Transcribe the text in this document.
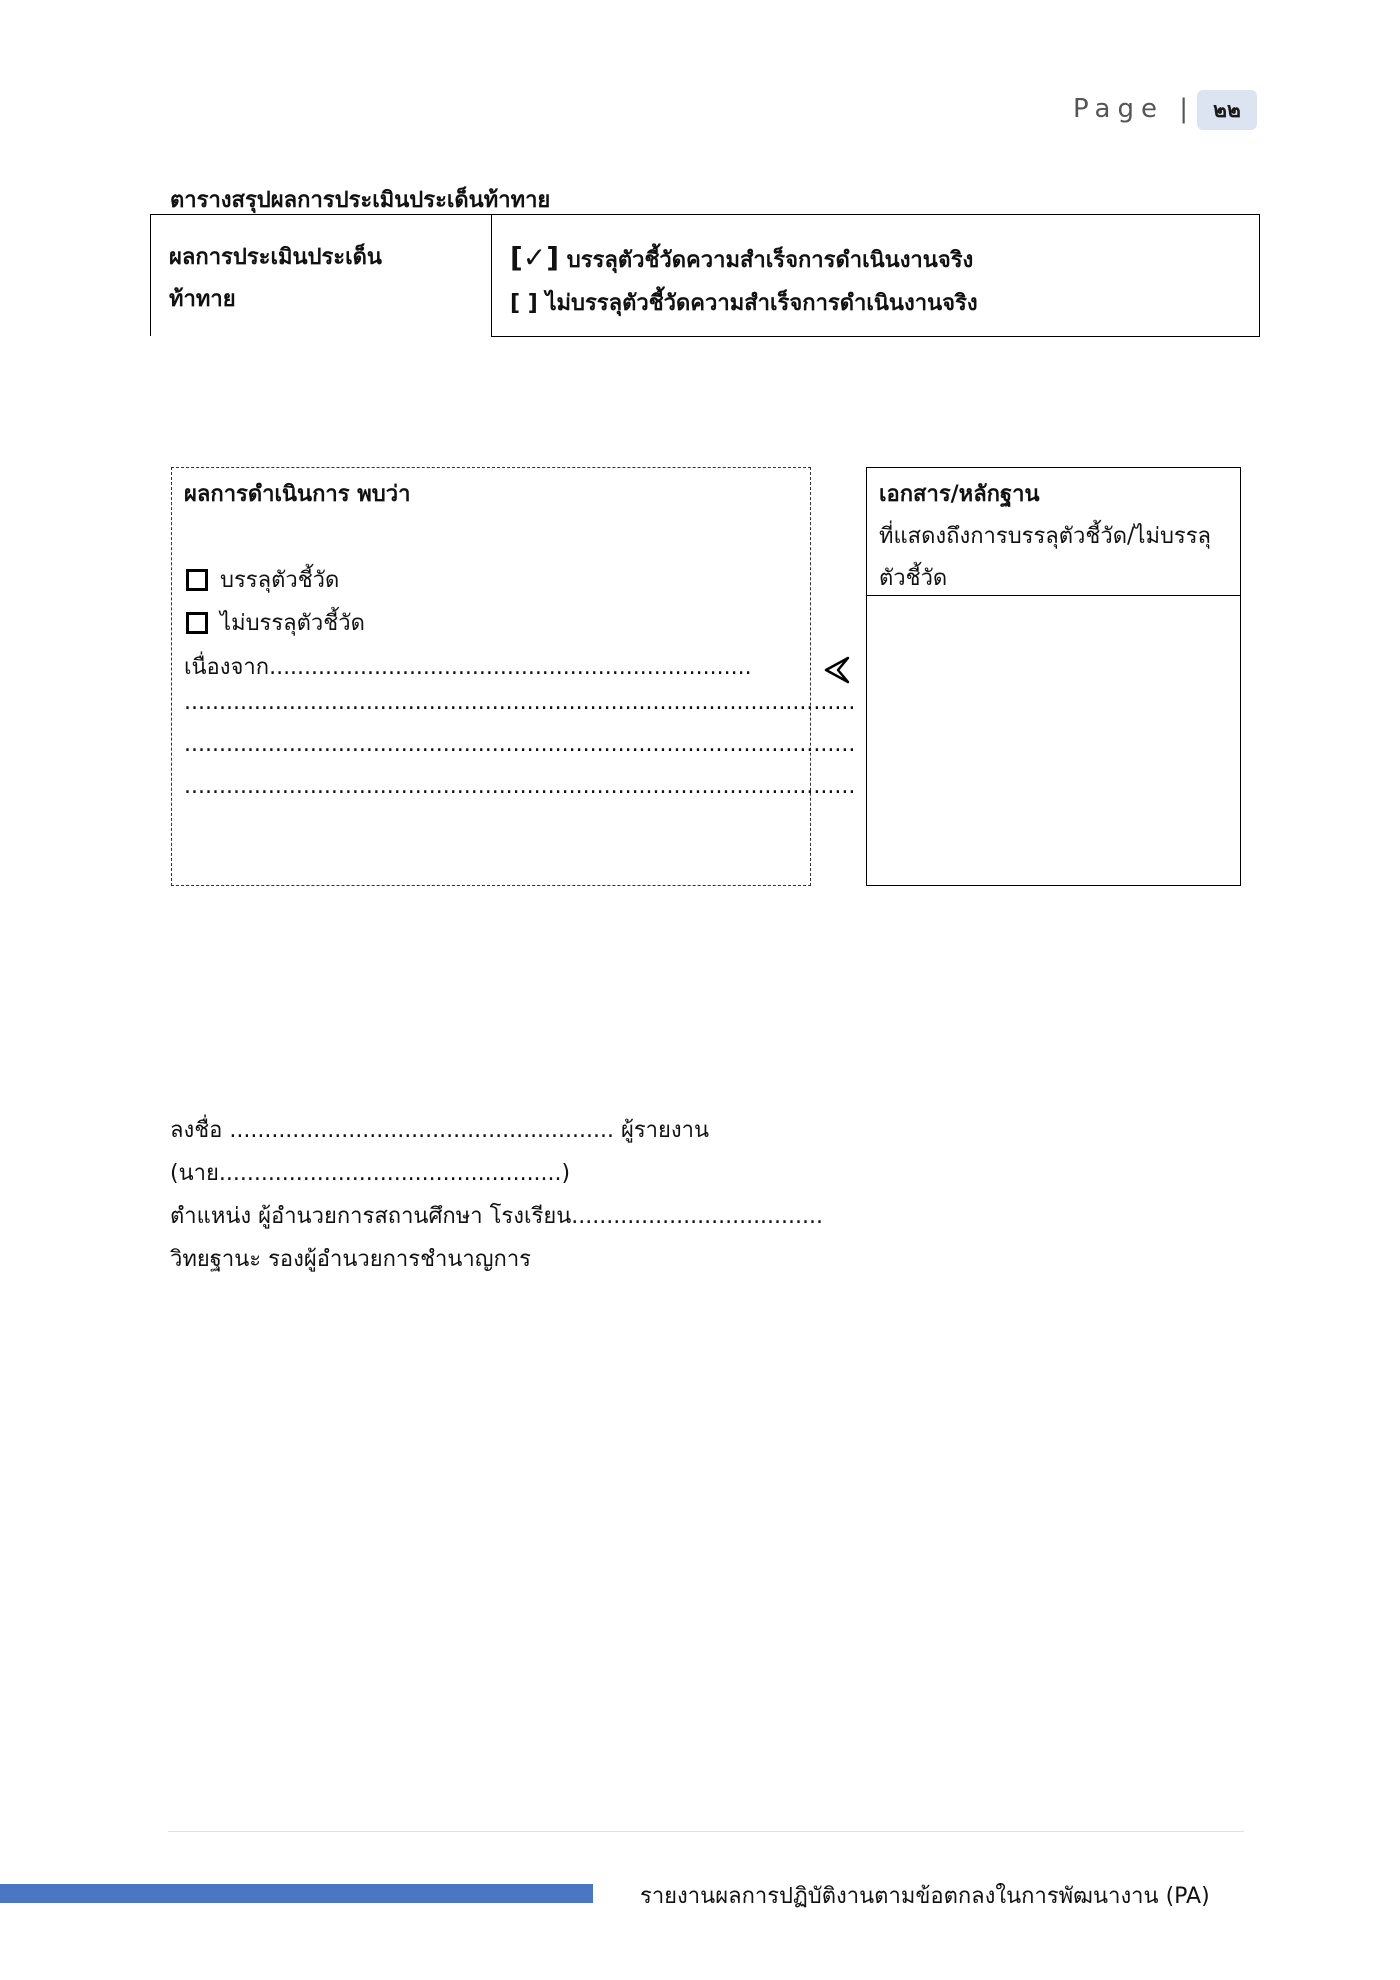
Page | ๒๒
ตารางสรุปผลการประเมินประเด็นท้าทาย
ผลการประเมินประเด็น
ท้าทาย
[✓] บรรลุตัวชี้วัดความสำเร็จการดำเนินงานจริง
[ ] ไม่บรรลุตัวชี้วัดความสำเร็จการดำเนินงานจริง
ผลการดำเนินการ พบว่า
บรรลุตัวชี้วัด
ไม่บรรลุตัวชี้วัด
เนื่องจาก.....................................................................
................................................................................................
................................................................................................
................................................................................................
เอกสาร/หลักฐาน
ที่แสดงถึงการบรรลุตัวชี้วัด/ไม่บรรลุตัวชี้วัด
ลงชื่อ ....................................................... ผู้รายงาน
(นาย.................................................)
ตำแหน่ง ผู้อำนวยการสถานศึกษา โรงเรียน....................................
วิทยฐานะ รองผู้อำนวยการชำนาญการ
รายงานผลการปฏิบัติงานตามข้อตกลงในการพัฒนางาน (PA)
